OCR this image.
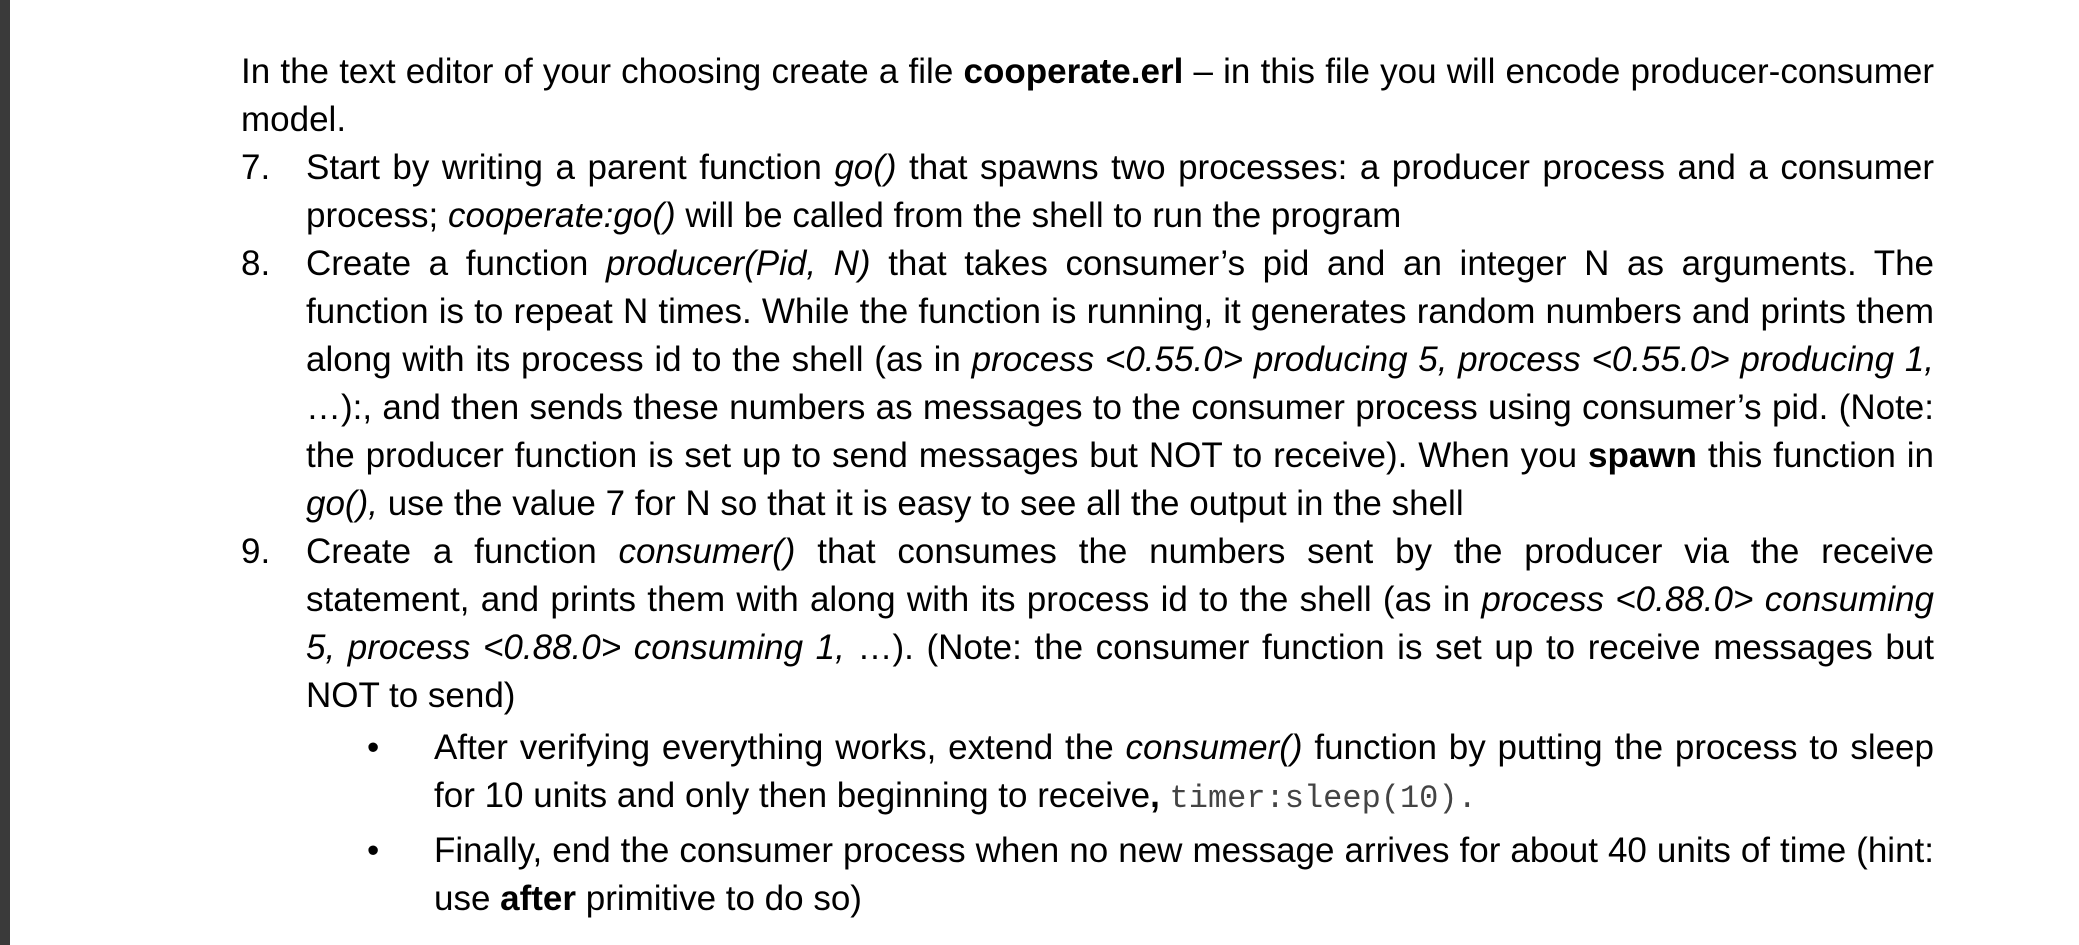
In the text editor of your choosing create a file cooperate.erl – in this file you will encode producer-consumer model.

7. Start by writing a parent function go() that spawns two processes: a producer process and a consumer process; cooperate:go() will be called from the shell to run the program
8. Create a function producer(Pid, N) that takes consumer’s pid and an integer N as arguments. The function is to repeat N times. While the function is running, it generates random numbers and prints them along with its process id to the shell (as in process <0.55.0> producing 5, process <0.55.0> producing 1, …):, and then sends these numbers as messages to the consumer process using consumer’s pid. (Note: the producer function is set up to send messages but NOT to receive). When you spawn this function in go(), use the value 7 for N so that it is easy to see all the output in the shell
9. Create a function consumer() that consumes the numbers sent by the producer via the receive statement, and prints them with along with its process id to the shell (as in process <0.88.0> consuming 5, process <0.88.0> consuming 1, …). (Note: the consumer function is set up to receive messages but NOT to send)
• After verifying everything works, extend the consumer() function by putting the process to sleep for 10 units and only then beginning to receive, timer:sleep(10).
• Finally, end the consumer process when no new message arrives for about 40 units of time (hint: use after primitive to do so)
